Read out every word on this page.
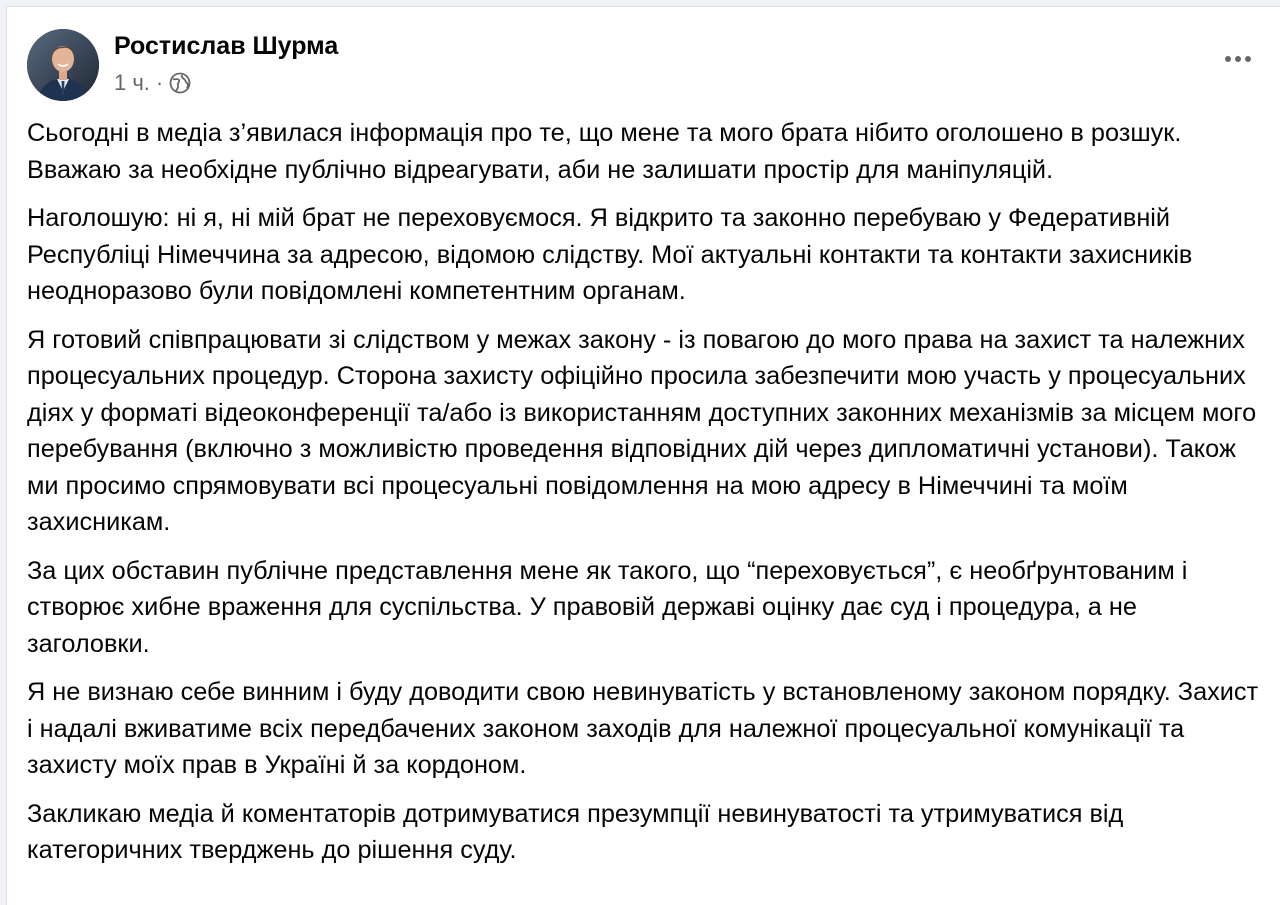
Ростислав Шурма
1 ч. ·

Сьогодні в медіа з’явилася інформація про те, що мене та мого брата нібито оголошено в розшук. Вважаю за необхідне публічно відреагувати, аби не залишати простір для маніпуляцій.

Наголошую: ні я, ні мій брат не переховуємося. Я відкрито та законно перебуваю у Федеративній Республіці Німеччина за адресою, відомою слідству. Мої актуальні контакти та контакти захисників неодноразово були повідомлені компетентним органам.

Я готовий співпрацювати зі слідством у межах закону - із повагою до мого права на захист та належних процесуальних процедур. Сторона захисту офіційно просила забезпечити мою участь у процесуальних діях у форматі відеоконференції та/або із використанням доступних законних механізмів за місцем мого перебування (включно з можливістю проведення відповідних дій через дипломатичні установи). Також ми просимо спрямовувати всі процесуальні повідомлення на мою адресу в Німеччині та моїм захисникам.

За цих обставин публічне представлення мене як такого, що “переховується”, є необґрунтованим і створює хибне враження для суспільства. У правовій державі оцінку дає суд і процедура, а не заголовки.

Я не визнаю себе винним і буду доводити свою невинуватість у встановленому законом порядку. Захист і надалі вживатиме всіх передбачених законом заходів для належної процесуальної комунікації та захисту моїх прав в Україні й за кордоном.

Закликаю медіа й коментаторів дотримуватися презумпції невинуватості та утримуватися від категоричних тверджень до рішення суду.
